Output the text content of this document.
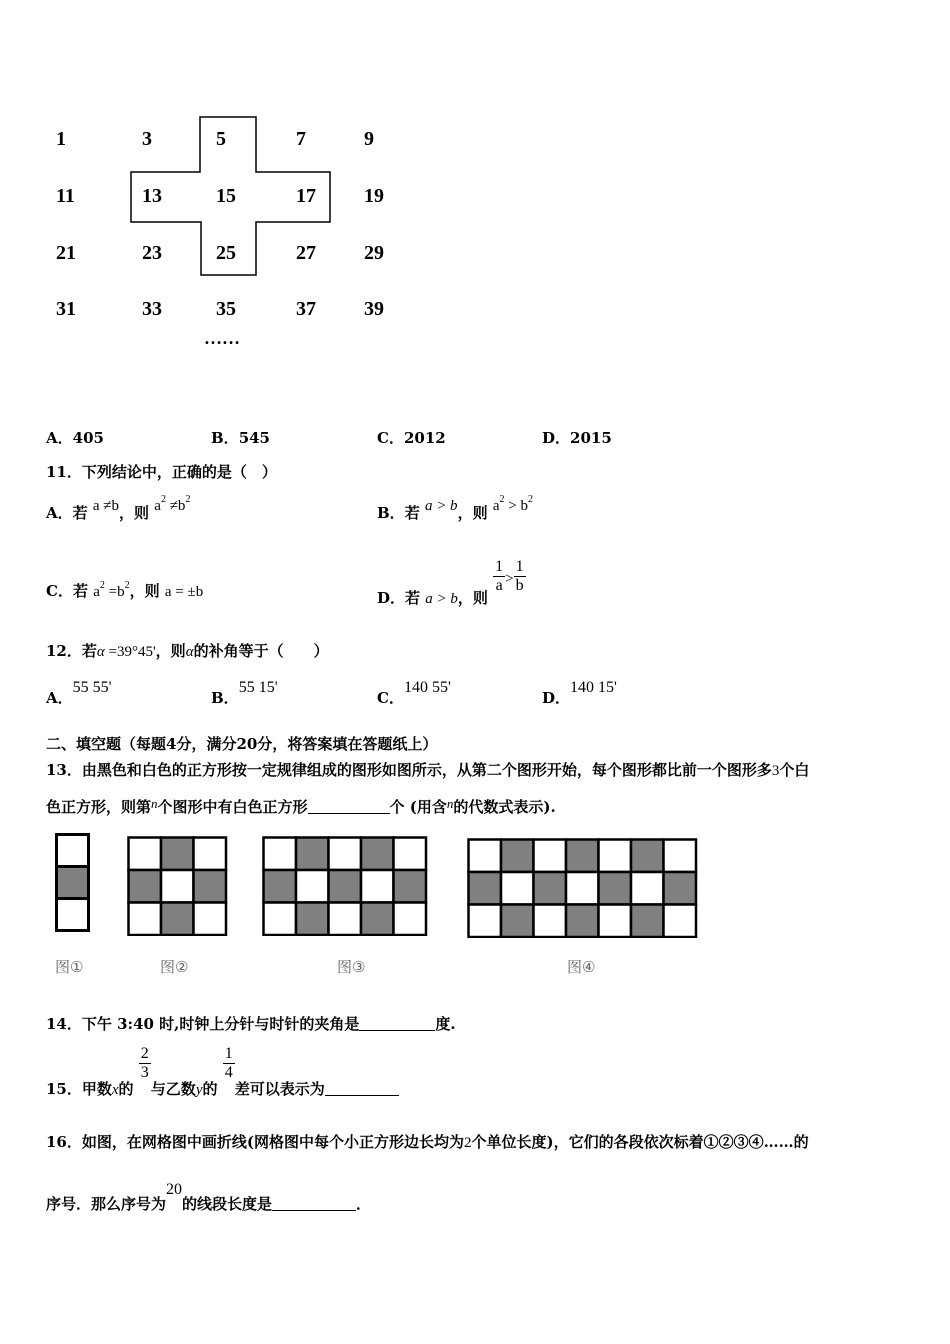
1	3	5	7	9
11	13	15	17 19
21	23	25	27 29
31	33	35	37 39
……
A．405	B．545	C．2012	D．2015
11．下列结论中，正确的是（　）
A．若 a ≠b，则 $a^2 \ne b^2$
B．若 a > b，则 $a^2 > b^2$
C．若 $a^2 =b^2$，则 a = ±b	D．若 a > b，则
$\frac{1}{a} > \frac{1}{b}$
12．若α =39°45'，则α的补角等于（　　）
A．55 55'
B．55 15'
C．140 55'
D．140 15'
二、填空题（每题4分，满分20分，将答案填在答题纸上）
13．由黑色和白色的正方形按一定规律组成的图形如图所示，从第二个图形开始，每个图形都比前一个图形多3个白
色正方形，则第n个图形中有白色正方形	个 (用含n的代数式表示).
图①	图②	图③	图④
14．下午 3:40 时,时钟上分针与时针的夹角是	度.
15．甲数x的
$\frac{2}{3}$
与乙数y的
$\frac{1}{4}$
差可以表示为
16．如图，在网格图中画折线(网格图中每个小正方形边长均为2个单位长度)，它们的各段依次标着①②③④……的
序号．那么序号为20的线段长度是	．
